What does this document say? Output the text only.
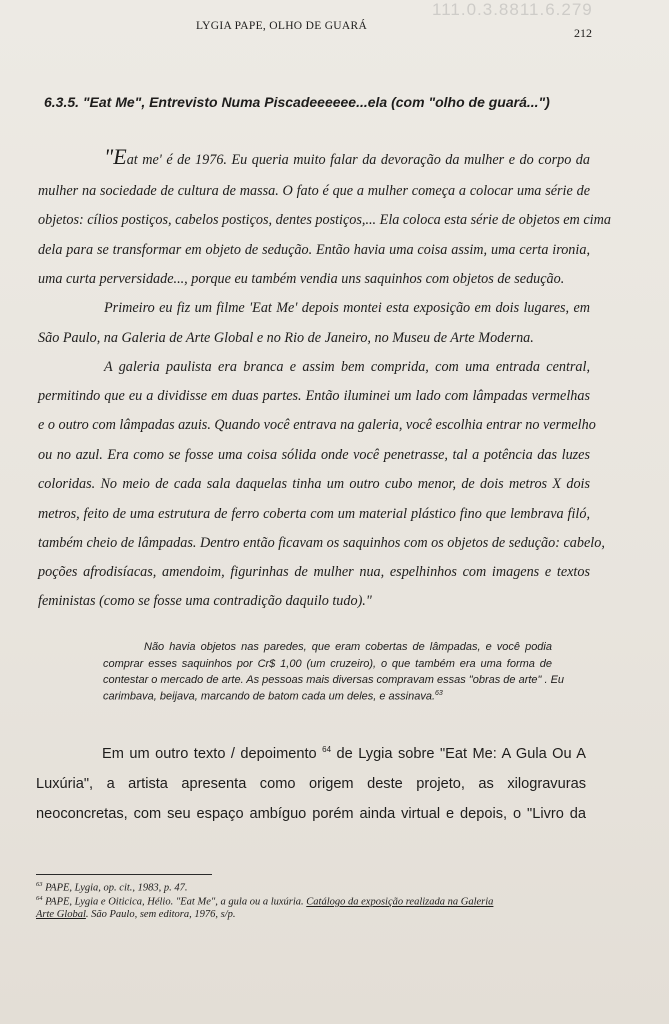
111.0.3.8811.6.279
LYGIA PAPE, OLHO DE GUARÁ	212
6.3.5. "Eat Me", Entrevisto Numa Piscadeeeeee...ela (com "olho de guará...")
"Eat me' é de 1976. Eu queria muito falar da devoração da mulher e do corpo da
mulher na sociedade de cultura de massa. O fato é que a mulher começa a colocar uma série de
objetos: cílios postiços, cabelos postiços, dentes postiços,... Ela coloca esta série de objetos em cima
dela para se transformar em objeto de sedução. Então havia uma coisa assim, uma certa ironia,
uma curta perversidade..., porque eu também vendia uns saquinhos com objetos de sedução.
Primeiro eu fiz um filme 'Eat Me' depois montei esta exposição em dois lugares, em
São Paulo, na Galeria de Arte Global e no Rio de Janeiro, no Museu de Arte Moderna.
A galeria paulista era branca e assim bem comprida, com uma entrada central,
permitindo que eu a dividisse em duas partes. Então iluminei um lado com lâmpadas vermelhas
e o outro com lâmpadas azuis. Quando você entrava na galeria, você escolhia entrar no vermelho
ou no azul. Era como se fosse uma coisa sólida onde você penetrasse, tal a potência das luzes
coloridas. No meio de cada sala daquelas tinha um outro cubo menor, de dois metros X dois
metros, feito de uma estrutura de ferro coberta com um material plástico fino que lembrava filó,
também cheio de lâmpadas. Dentro então ficavam os saquinhos com os objetos de sedução: cabelo,
poções afrodisíacas, amendoim, figurinhas de mulher nua, espelhinhos com imagens e textos
feministas (como se fosse uma contradição daquilo tudo)."
Não havia objetos nas paredes, que eram cobertas de lâmpadas, e você podia
comprar esses saquinhos por Cr$ 1,00 (um cruzeiro), o que também era uma forma de
contestar o mercado de arte. As pessoas mais diversas compravam essas "obras de arte" . Eu
carimbava, beijava, marcando de batom cada um deles, e assinava.$^{63}$
Em um outro texto / depoimento $^{64}$ de Lygia sobre "Eat Me: A Gula Ou A
Luxúria", a artista apresenta como origem deste projeto, as xilogravuras
neoconcretas, com seu espaço ambíguo porém ainda virtual e depois, o "Livro da
$^{63}$ PAPE, Lygia, op. cit., 1983, p. 47.
$^{64}$ PAPE, Lygia e Oiticica, Hélio. "Eat Me", a gula ou a luxúria. Catálogo da exposição realizada na Galeria
Arte Global. São Paulo, sem editora, 1976, s/p.
